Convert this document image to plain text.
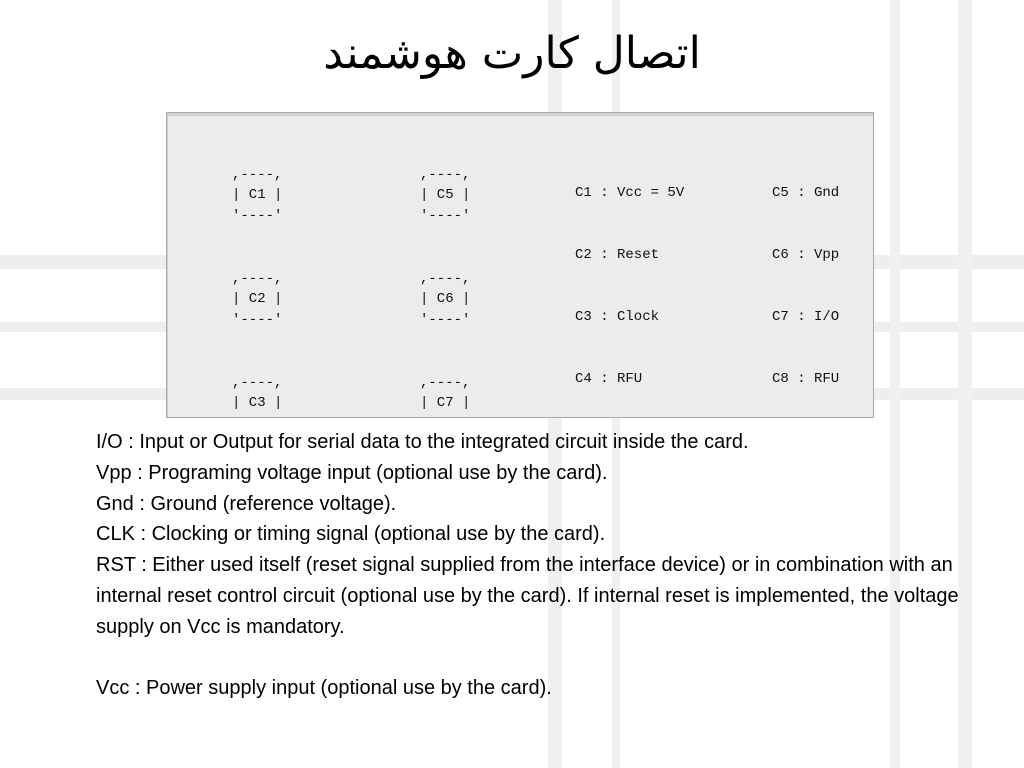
اتصال کارت هوشمند

,----,
| C1 |
'----'

,----,
| C2 |
'----'

,----,
| C3 |

,----,
| C5 |
'----'

,----,
| C6 |
'----'

,----,
| C7 |

C1 : Vcc = 5V

C2 : Reset

C3 : Clock

C4 : RFU

C5 : Gnd

C6 : Vpp

C7 : I/O

C8 : RFU

I/O : Input or Output for serial data to the integrated circuit inside the card.

Vpp : Programing voltage input (optional use by the card).

Gnd : Ground (reference voltage).

CLK : Clocking or timing signal (optional use by the card).

RST : Either used itself (reset signal supplied from the interface device) or in combination with an internal reset control circuit (optional use by the card). If internal reset is implemented, the voltage supply on Vcc is mandatory.

Vcc : Power supply input (optional use by the card).
